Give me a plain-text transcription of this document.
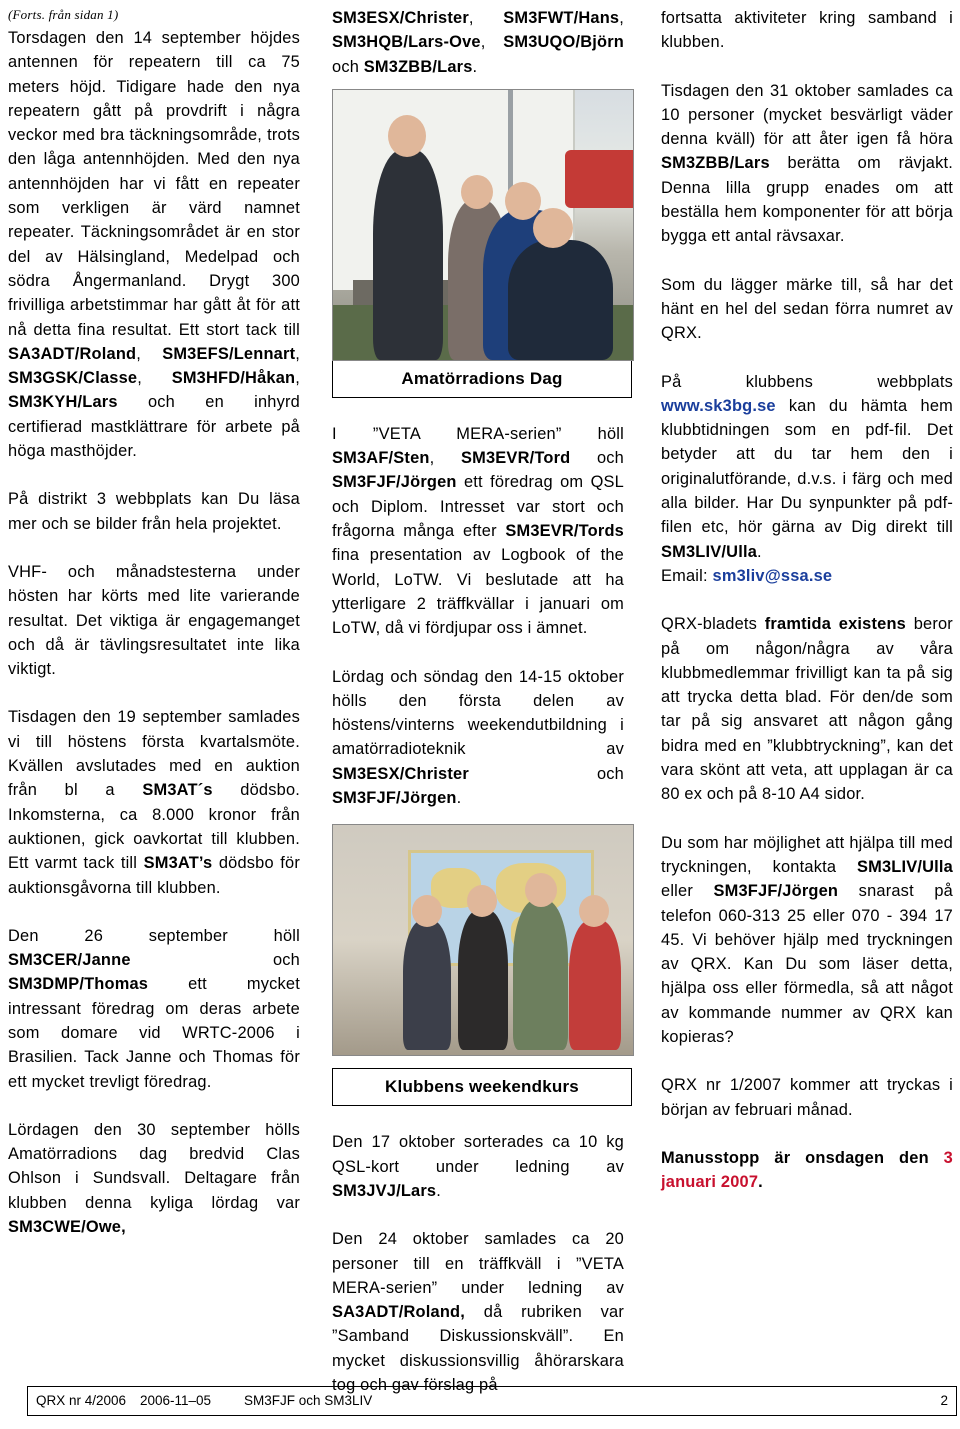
(Forts. från sidan 1)

Torsdagen den 14 september höjdes antennen för repeatern till ca 75 meters höjd. Tidigare hade den nya repeatern gått på provdrift i några veckor med bra täckningsområde, trots den låga antennhöjden. Med den nya antennhöjden har vi fått en repeater som verkligen är värd namnet repeater. Täckningsområdet är en stor del av Hälsingland, Medelpad och södra Ångermanland. Drygt 300 frivilliga arbetstimmar har gått åt för att nå detta fina resultat. Ett stort tack till SA3ADT/Roland, SM3EFS/Lennart, SM3GSK/Classe, SM3HFD/Håkan, SM3KYH/Lars och en inhyrd certifierad mastklättrare för arbete på höga masthöjder.

På distrikt 3 webbplats kan Du läsa mer och se bilder från hela projektet.

VHF- och månadstesterna under hösten har körts med lite varierande resultat. Det viktiga är engagemanget och då är tävlingsresultatet inte lika viktigt.

Tisdagen den 19 september samlades vi till höstens första kvartalsmöte. Kvällen avslutades med en auktion från bl a SM3AT´s dödsbo. Inkomsterna, ca 8.000 kronor från auktionen, gick oavkortat till klubben. Ett varmt tack till SM3AT’s dödsbo för auktionsgåvorna till klubben.

Den 26 september höll SM3CER/Janne och SM3DMP/Thomas ett mycket intressant föredrag om deras arbete som domare vid WRTC-2006 i Brasilien. Tack Janne och Thomas för ett mycket trevligt föredrag.

Lördagen den 30 september hölls Amatörradions dag bredvid Clas Ohlson i Sundsvall. Deltagare från klubben denna kyliga lördag var SM3CWE/Owe,

SM3ESX/Christer, SM3FWT/Hans, SM3HQB/Lars-Ove, SM3UQO/Björn och SM3ZBB/Lars.

Amatörradions Dag

I ”VETA MERA-serien” höll SM3AF/Sten, SM3EVR/Tord och SM3FJF/Jörgen ett föredrag om QSL och Diplom. Intresset var stort och frågorna många efter SM3EVR/Tords fina presentation av Logbook of the World, LoTW. Vi beslutade att ha ytterligare 2 träffkvällar i januari om LoTW, då vi fördjupar oss i ämnet.

Lördag och söndag den 14-15 oktober hölls den första delen av höstens/vinterns weekendutbildning i amatörradioteknik av SM3ESX/Christer och SM3FJF/Jörgen.

Klubbens weekendkurs

Den 17 oktober sorterades ca 10 kg QSL-kort under ledning av SM3JVJ/Lars.

Den 24 oktober samlades ca 20 personer till en träffkväll i ”VETA MERA-serien” under ledning av SA3ADT/Roland, då rubriken var ”Samband Diskussionskväll”. En mycket diskussionsvillig åhörarskara tog och gav förslag på

fortsatta aktiviteter kring samband i klubben.

Tisdagen den 31 oktober samlades ca 10 personer (mycket besvärligt väder denna kväll) för att åter igen få höra SM3ZBB/Lars berätta om rävjakt. Denna lilla grupp enades om att beställa hem komponenter för att börja bygga ett antal rävsaxar.

Som du lägger märke till, så har det hänt en hel del sedan förra numret av QRX.

På klubbens webbplats www.sk3bg.se kan du hämta hem klubbtidningen som en pdf-fil. Det betyder att du tar hem den i originalutförande, d.v.s. i färg och med alla bilder. Har Du synpunkter på pdf-filen etc, hör gärna av Dig direkt till SM3LIV/Ulla.
Email: sm3liv@ssa.se

QRX-bladets framtida existens beror på om någon/några av våra klubbmedlemmar frivilligt kan ta på sig att trycka detta blad. För den/de som tar på sig ansvaret att någon gång bidra med en ”klubbtryckning”, kan det vara skönt att veta, att upplagan är ca 80 ex och på 8-10 A4 sidor.

Du som har möjlighet att hjälpa till med tryckningen, kontakta SM3LIV/Ulla eller SM3FJF/Jörgen snarast på telefon 060-313 25 eller 070 - 394 17 45. Vi behöver hjälp med tryckningen av QRX. Kan Du som läser detta, hjälpa oss eller förmedla, så att något av kommande nummer av QRX kan kopieras?

QRX nr 1/2007 kommer att tryckas i början av februari månad.

Manusstopp är onsdagen den 3 januari 2007.

QRX nr 4/2006 2006-11–05 SM3FJF och SM3LIV	2
